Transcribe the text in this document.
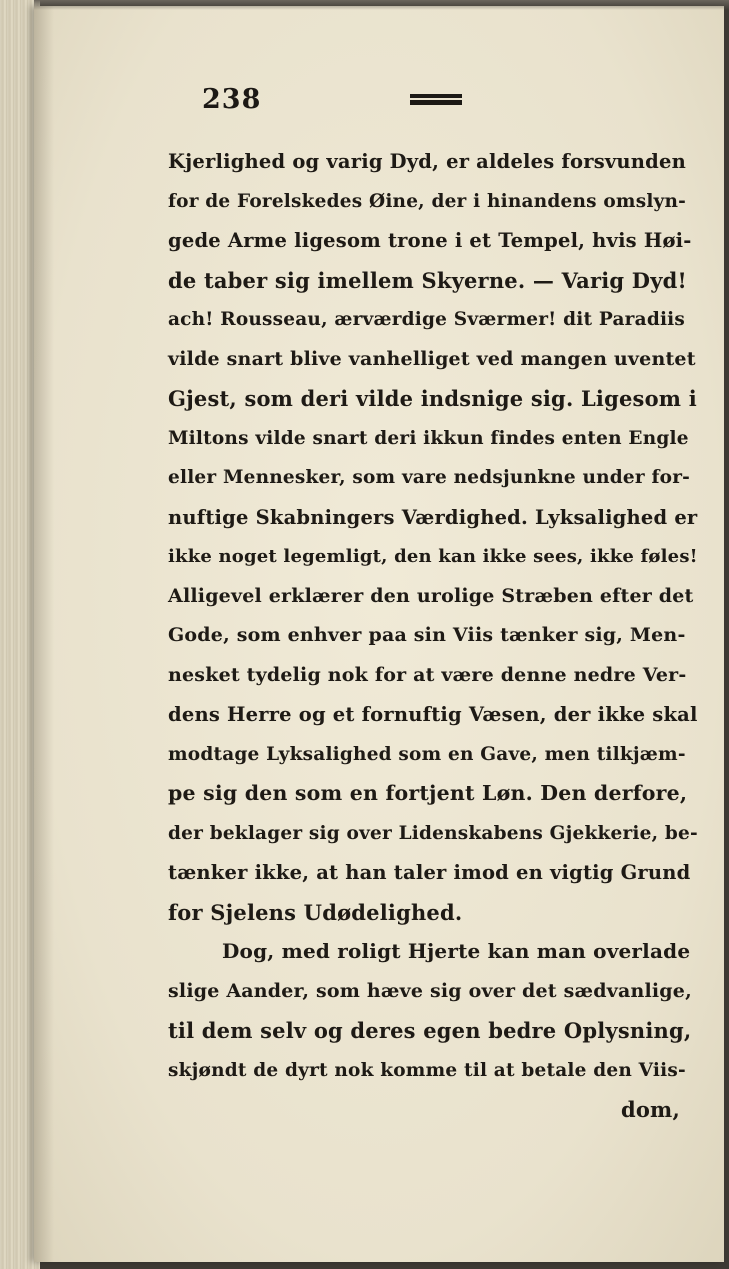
238
Kjerlighed og varig Dyd, er aldeles forsvunden
for de Forelskedes Øine, der i hinandens omslyn-
gede Arme ligesom trone i et Tempel, hvis Høi-
de taber sig imellem Skyerne. — Varig Dyd!
ach! Rousseau, ærværdige Sværmer! dit Paradiis
vilde snart blive vanhelliget ved mangen uventet
Gjest, som deri vilde indsnige sig. Ligesom i
Miltons vilde snart deri ikkun findes enten Engle
eller Mennesker, som vare nedsjunkne under for-
nuftige Skabningers Værdighed. Lyksalighed er
ikke noget legemligt, den kan ikke sees, ikke føles!
Alligevel erklærer den urolige Stræben efter det
Gode, som enhver paa sin Viis tænker sig, Men-
nesket tydelig nok for at være denne nedre Ver-
dens Herre og et fornuftig Væsen, der ikke skal
modtage Lyksalighed som en Gave, men tilkjæm-
pe sig den som en fortjent Løn. Den derfore,
der beklager sig over Lidenskabens Gjekkerie, be-
tænker ikke, at han taler imod en vigtig Grund
for Sjelens Udødelighed.
Dog, med roligt Hjerte kan man overlade
slige Aander, som hæve sig over det sædvanlige,
til dem selv og deres egen bedre Oplysning,
skjøndt de dyrt nok komme til at betale den Viis-
dom,
